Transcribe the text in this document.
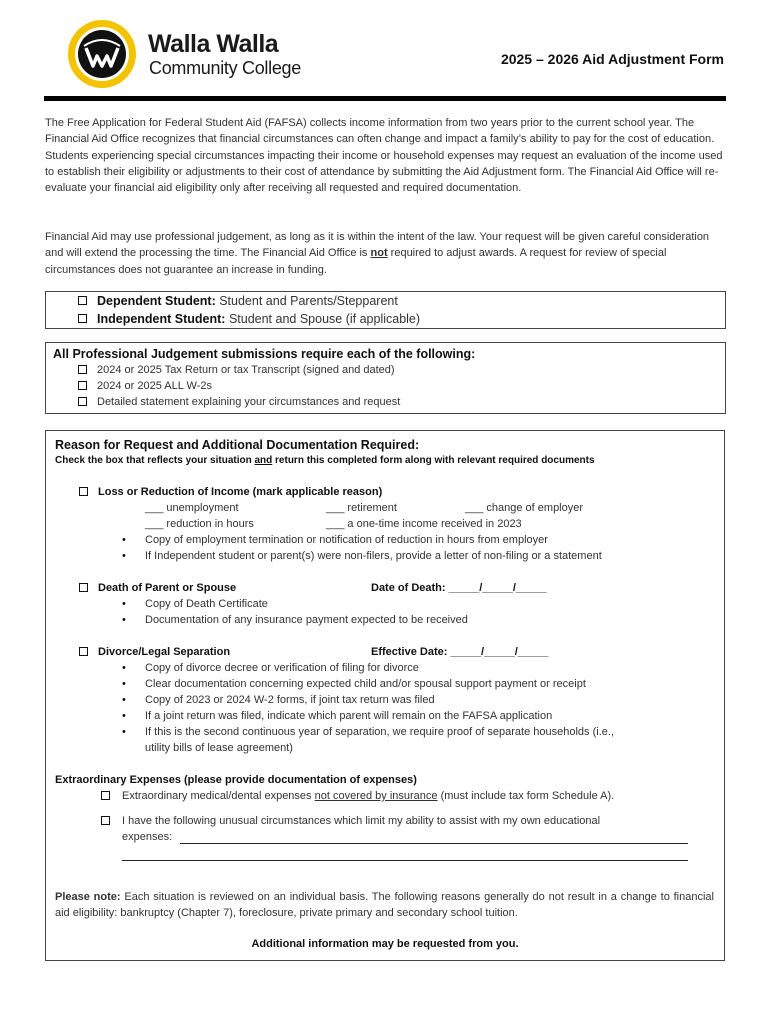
Walla Walla
Community College	2025 – 2026 Aid Adjustment Form

The Free Application for Federal Student Aid (FAFSA) collects income information from two years prior to the current school year. The Financial Aid Office recognizes that financial circumstances can often change and impact a family’s ability to pay for the cost of education. Students experiencing special circumstances impacting their income or household expenses may request an evaluation of the income used to establish their eligibility or adjustments to their cost of attendance by submitting the Aid Adjustment form. The Financial Aid Office will re-evaluate your financial aid eligibility only after receiving all requested and required documentation.

Financial Aid may use professional judgement, as long as it is within the intent of the law. Your request will be given careful consideration and will extend the processing the time. The Financial Aid Office is not required to adjust awards. A request for review of special circumstances does not guarantee an increase in funding.

Dependent Student: Student and Parents/Stepparent
Independent Student: Student and Spouse (if applicable)
All Professional Judgement submissions require each of the following:
2024 or 2025 Tax Return or tax Transcript (signed and dated)
2024 or 2025 ALL W-2s
Detailed statement explaining your circumstances and request
Reason for Request and Additional Documentation Required:
Check the box that reflects your situation and return this completed form along with relevant required documents
Loss or Reduction of Income (mark applicable reason)
___ unemployment	___ retirement	___ change of employer
___ reduction in hours	___ a one-time income received in 2023
• Copy of employment termination or notification of reduction in hours from employer
• If Independent student or parent(s) were non-filers, provide a letter of non-filing or a statement
Death of Parent or Spouse	Date of Death: _____/_____/_____
• Copy of Death Certificate
• Documentation of any insurance payment expected to be received
Divorce/Legal Separation	Effective Date: _____/_____/_____
• Copy of divorce decree or verification of filing for divorce
• Clear documentation concerning expected child and/or spousal support payment or receipt
• Copy of 2023 or 2024 W-2 forms, if joint tax return was filed
• If a joint return was filed, indicate which parent will remain on the FAFSA application
• If this is the second continuous year of separation, we require proof of separate households (i.e.,
utility bills of lease agreement)
Extraordinary Expenses (please provide documentation of expenses)
Extraordinary medical/dental expenses not covered by insurance (must include tax form Schedule A).
I have the following unusual circumstances which limit my ability to assist with my own educational
expenses:

Please note: Each situation is reviewed on an individual basis. The following reasons generally do not result in a change to financial aid eligibility: bankruptcy (Chapter 7), foreclosure, private primary and secondary school tuition.

Additional information may be requested from you.
